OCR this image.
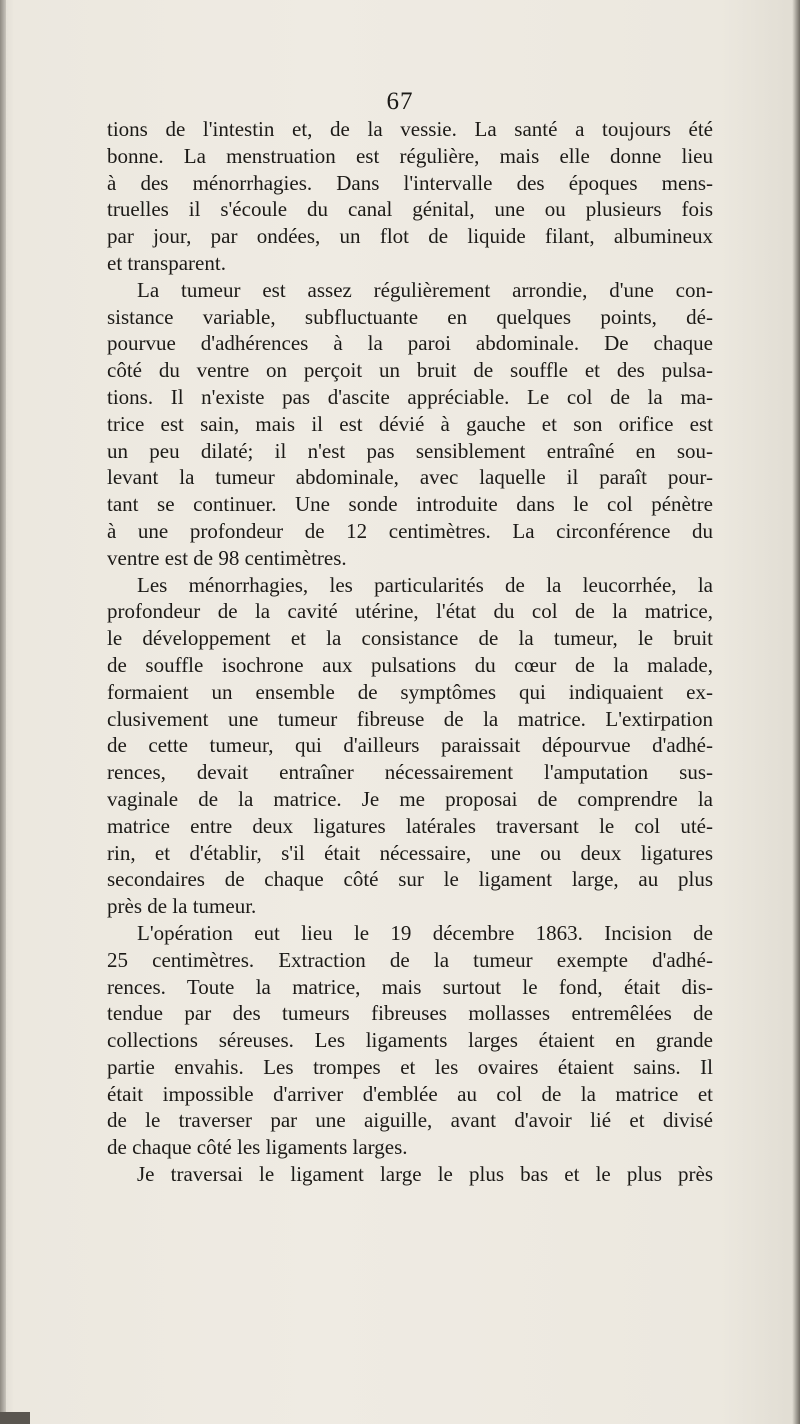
67
tions de l'intestin et, de la vessie. La santé a toujours été
bonne. La menstruation est régulière, mais elle donne lieu
à des ménorrhagies. Dans l'intervalle des époques mens-
truelles il s'écoule du canal génital, une ou plusieurs fois
par jour, par ondées, un flot de liquide filant, albumineux
et transparent.
La tumeur est assez régulièrement arrondie, d'une con-
sistance variable, subfluctuante en quelques points, dé-
pourvue d'adhérences à la paroi abdominale. De chaque
côté du ventre on perçoit un bruit de souffle et des pulsa-
tions. Il n'existe pas d'ascite appréciable. Le col de la ma-
trice est sain, mais il est dévié à gauche et son orifice est
un peu dilaté; il n'est pas sensiblement entraîné en sou-
levant la tumeur abdominale, avec laquelle il paraît pour-
tant se continuer. Une sonde introduite dans le col pénètre
à une profondeur de 12 centimètres. La circonférence du
ventre est de 98 centimètres.
Les ménorrhagies, les particularités de la leucorrhée, la
profondeur de la cavité utérine, l'état du col de la matrice,
le développement et la consistance de la tumeur, le bruit
de souffle isochrone aux pulsations du cœur de la malade,
formaient un ensemble de symptômes qui indiquaient ex-
clusivement une tumeur fibreuse de la matrice. L'extirpation
de cette tumeur, qui d'ailleurs paraissait dépourvue d'adhé-
rences, devait entraîner nécessairement l'amputation sus-
vaginale de la matrice. Je me proposai de comprendre la
matrice entre deux ligatures latérales traversant le col uté-
rin, et d'établir, s'il était nécessaire, une ou deux ligatures
secondaires de chaque côté sur le ligament large, au plus
près de la tumeur.
L'opération eut lieu le 19 décembre 1863. Incision de
25 centimètres. Extraction de la tumeur exempte d'adhé-
rences. Toute la matrice, mais surtout le fond, était dis-
tendue par des tumeurs fibreuses mollasses entremêlées de
collections séreuses. Les ligaments larges étaient en grande
partie envahis. Les trompes et les ovaires étaient sains. Il
était impossible d'arriver d'emblée au col de la matrice et
de le traverser par une aiguille, avant d'avoir lié et divisé
de chaque côté les ligaments larges.
Je traversai le ligament large le plus bas et le plus près
